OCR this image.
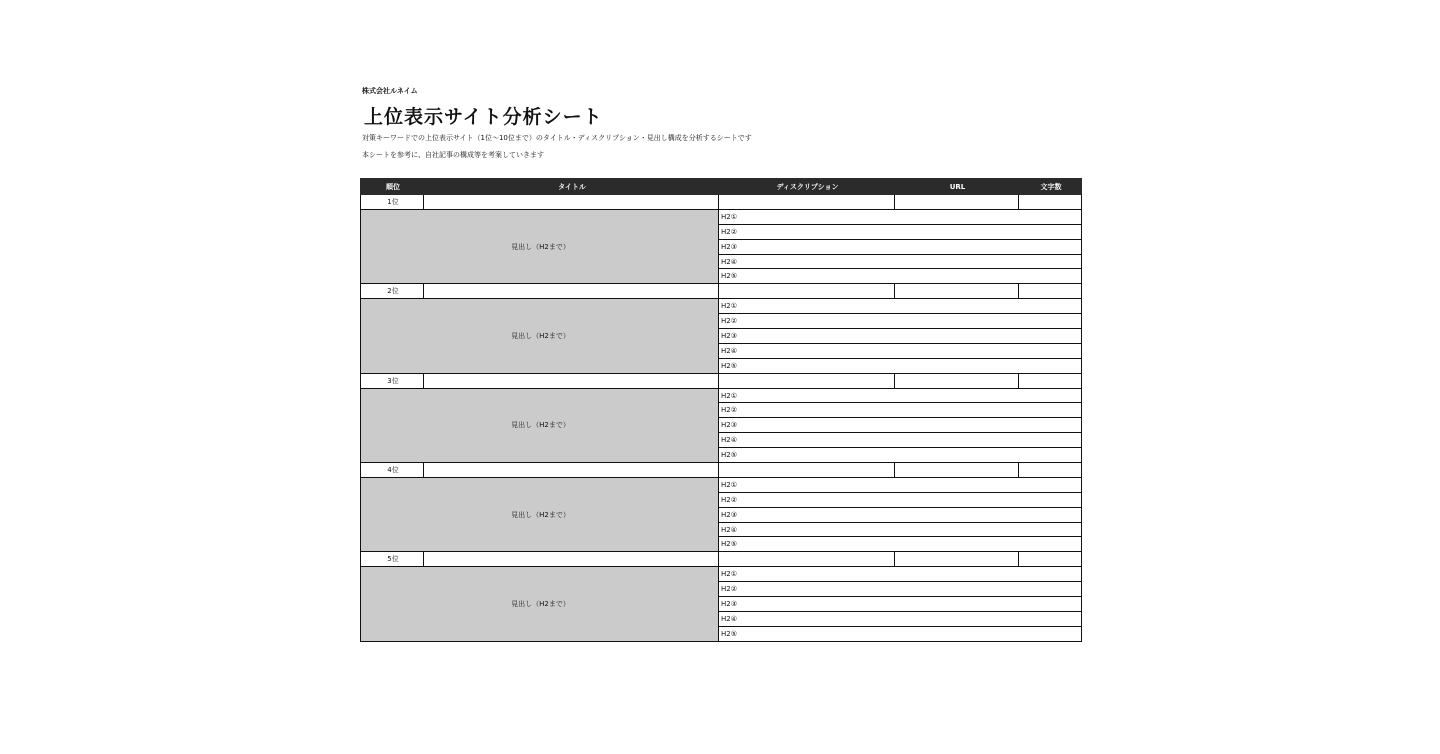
株式会社ルネイム
上位表示サイト分析シート
対策キーワードでの上位表示サイト（1位〜10位まで）のタイトル・ディスクリプション・見出し構成を分析するシートです
本シートを参考に、自社記事の構成等を考案していきます
順位	タイトル	ディスクリプション	URL	文字数
1位				
見出し（H2まで）		H2①		
		H2②		
		H2③		
		H2④		
		H2⑤		
2位				
見出し（H2まで）		H2①		
		H2②		
		H2③		
		H2④		
		H2⑤		
3位				
見出し（H2まで）		H2①		
		H2②		
		H2③		
		H2④		
		H2⑤		
4位				
見出し（H2まで）		H2①		
		H2②		
		H2③		
		H2④		
		H2⑤		
5位				
見出し（H2まで）		H2①		
		H2②		
		H2③		
		H2④		
		H2⑤		
